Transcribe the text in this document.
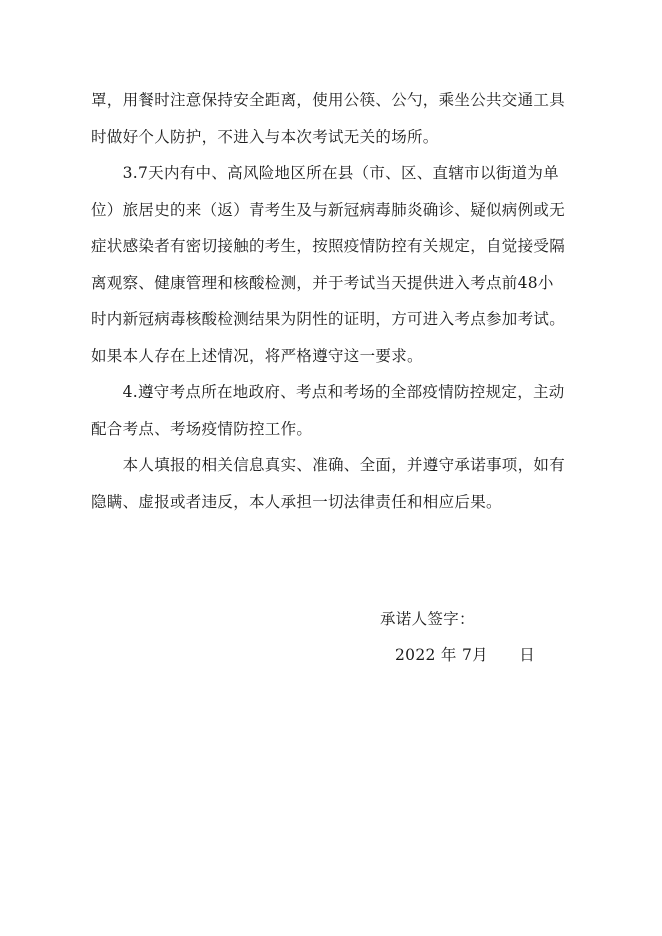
罩，用餐时注意保持安全距离，使用公筷、公勺，乘坐公共交通工具
时做好个人防护，不进入与本次考试无关的场所。
　　3.7天内有中、高风险地区所在县（市、区、直辖市以街道为单
位）旅居史的来（返）青考生及与新冠病毒肺炎确诊、疑似病例或无
症状感染者有密切接触的考生，按照疫情防控有关规定，自觉接受隔
离观察、健康管理和核酸检测，并于考试当天提供进入考点前48小
时内新冠病毒核酸检测结果为阴性的证明，方可进入考点参加考试。
如果本人存在上述情况，将严格遵守这一要求。
　　4.遵守考点所在地政府、考点和考场的全部疫情防控规定，主动
配合考点、考场疫情防控工作。
　　本人填报的相关信息真实、准确、全面，并遵守承诺事项，如有
隐瞒、虚报或者违反，本人承担一切法律责任和相应后果。
承诺人签字：
2022 年 7月 日
